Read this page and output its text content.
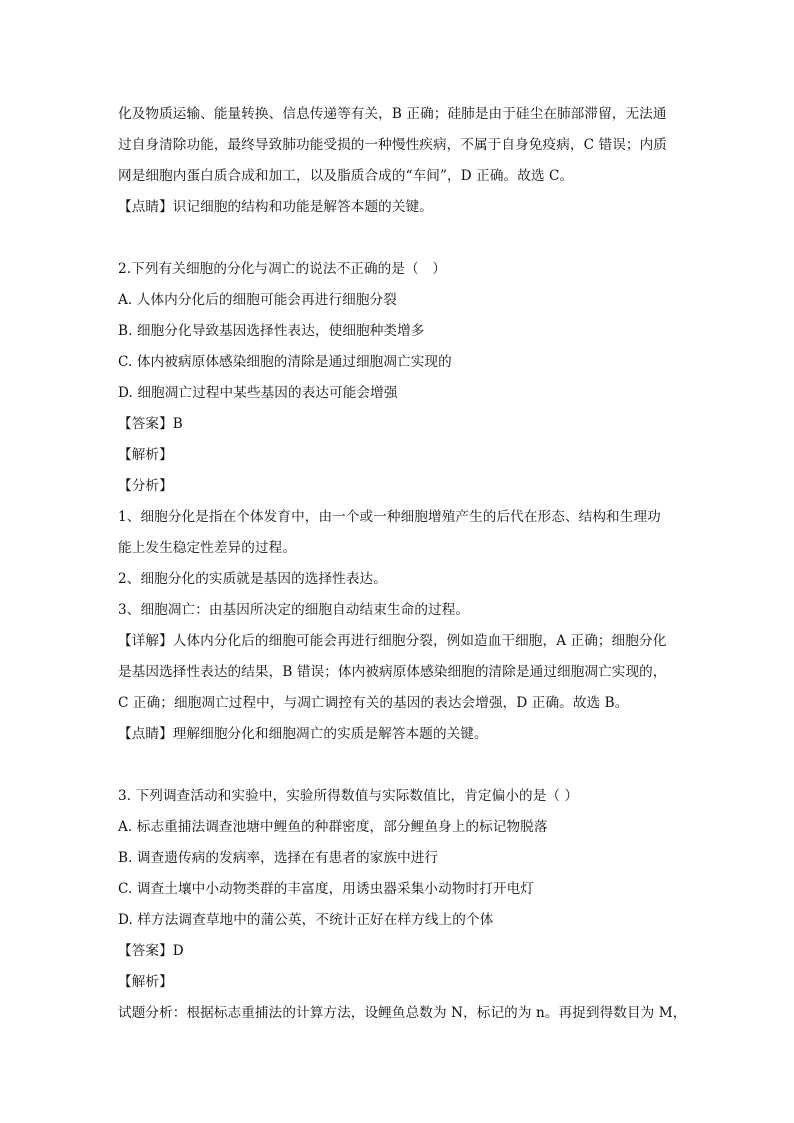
化及物质运输、能量转换、信息传递等有关，B 正确；硅肺是由于硅尘在肺部滞留，无法通
过自身清除功能，最终导致肺功能受损的一种慢性疾病，不属于自身免疫病，C 错误；内质
网是细胞内蛋白质合成和加工，以及脂质合成的“车间”，D 正确。故选 C。
【点睛】识记细胞的结构和功能是解答本题的关键。
2.下列有关细胞的分化与凋亡的说法不正确的是（　）
A. 人体内分化后的细胞可能会再进行细胞分裂
B. 细胞分化导致基因选择性表达，使细胞种类增多
C. 体内被病原体感染细胞的清除是通过细胞凋亡实现的
D. 细胞凋亡过程中某些基因的表达可能会增强
【答案】B
【解析】
【分析】
1、细胞分化是指在个体发育中，由一个或一种细胞增殖产生的后代在形态、结构和生理功
能上发生稳定性差异的过程。
2、细胞分化的实质就是基因的选择性表达。
3、细胞凋亡：由基因所决定的细胞自动结束生命的过程。
【详解】人体内分化后的细胞可能会再进行细胞分裂，例如造血干细胞，A 正确；细胞分化
是基因选择性表达的结果，B 错误；体内被病原体感染细胞的清除是通过细胞凋亡实现的，
C 正确；细胞凋亡过程中，与凋亡调控有关的基因的表达会增强，D 正确。故选 B。
【点睛】理解细胞分化和细胞凋亡的实质是解答本题的关键。
3. 下列调查活动和实验中，实验所得数值与实际数值比，肯定偏小的是（ ）
A. 标志重捕法调查池塘中鲤鱼的种群密度，部分鲤鱼身上的标记物脱落
B. 调查遗传病的发病率，选择在有患者的家族中进行
C. 调查土壤中小动物类群的丰富度，用诱虫器采集小动物时打开电灯
D. 样方法调查草地中的蒲公英，不统计正好在样方线上的个体
【答案】D
【解析】
试题分析：根据标志重捕法的计算方法，设鲤鱼总数为 N，标记的为 n。再捉到得数目为 M，
